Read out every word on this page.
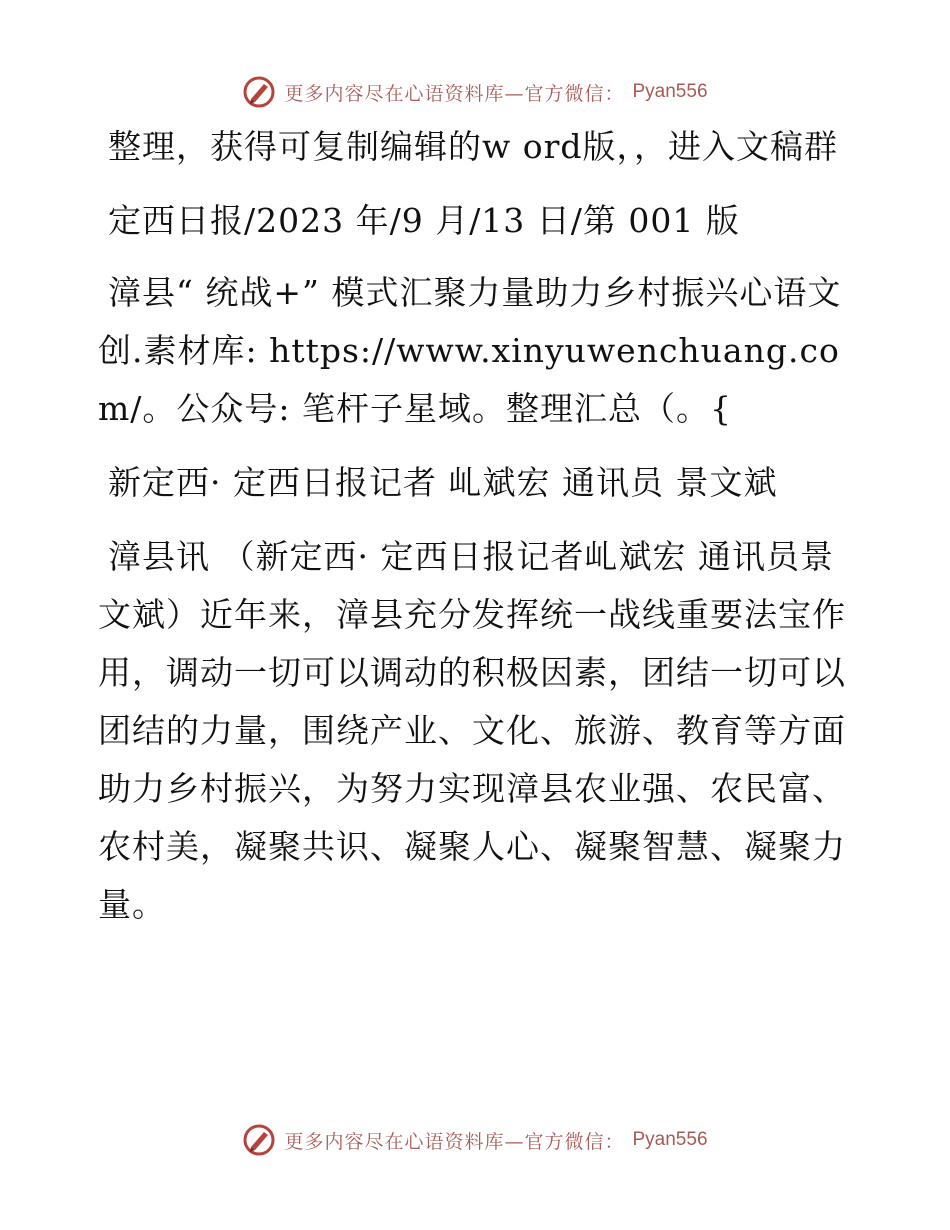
更多内容尽在心语资料库—官方微信： Pyan556

整理，获得可复制编辑的w ord版，，进入文稿群

定西日报/2023 年/9 月/13 日/第 001 版

漳县“ 统战+” 模式汇聚力量助力乡村振兴心语文创.素材库: https://www.xinyuwenchuang.com/。公众号: 笔杆子星域。整理汇总（。{

新定西· 定西日报记者 乢斌宏 通讯员 景文斌

漳县讯 （新定西· 定西日报记者乢斌宏 通讯员景文斌）近年来，漳县充分发挥统一战线重要法宝作用，调动一切可以调动的积极因素，团结一切可以团结的力量，围绕产业、文化、旅游、教育等方面助力乡村振兴，为努力实现漳县农业强、农民富、农村美，凝聚共识、凝聚人心、凝聚智慧、凝聚力量。

更多内容尽在心语资料库—官方微信： Pyan556
